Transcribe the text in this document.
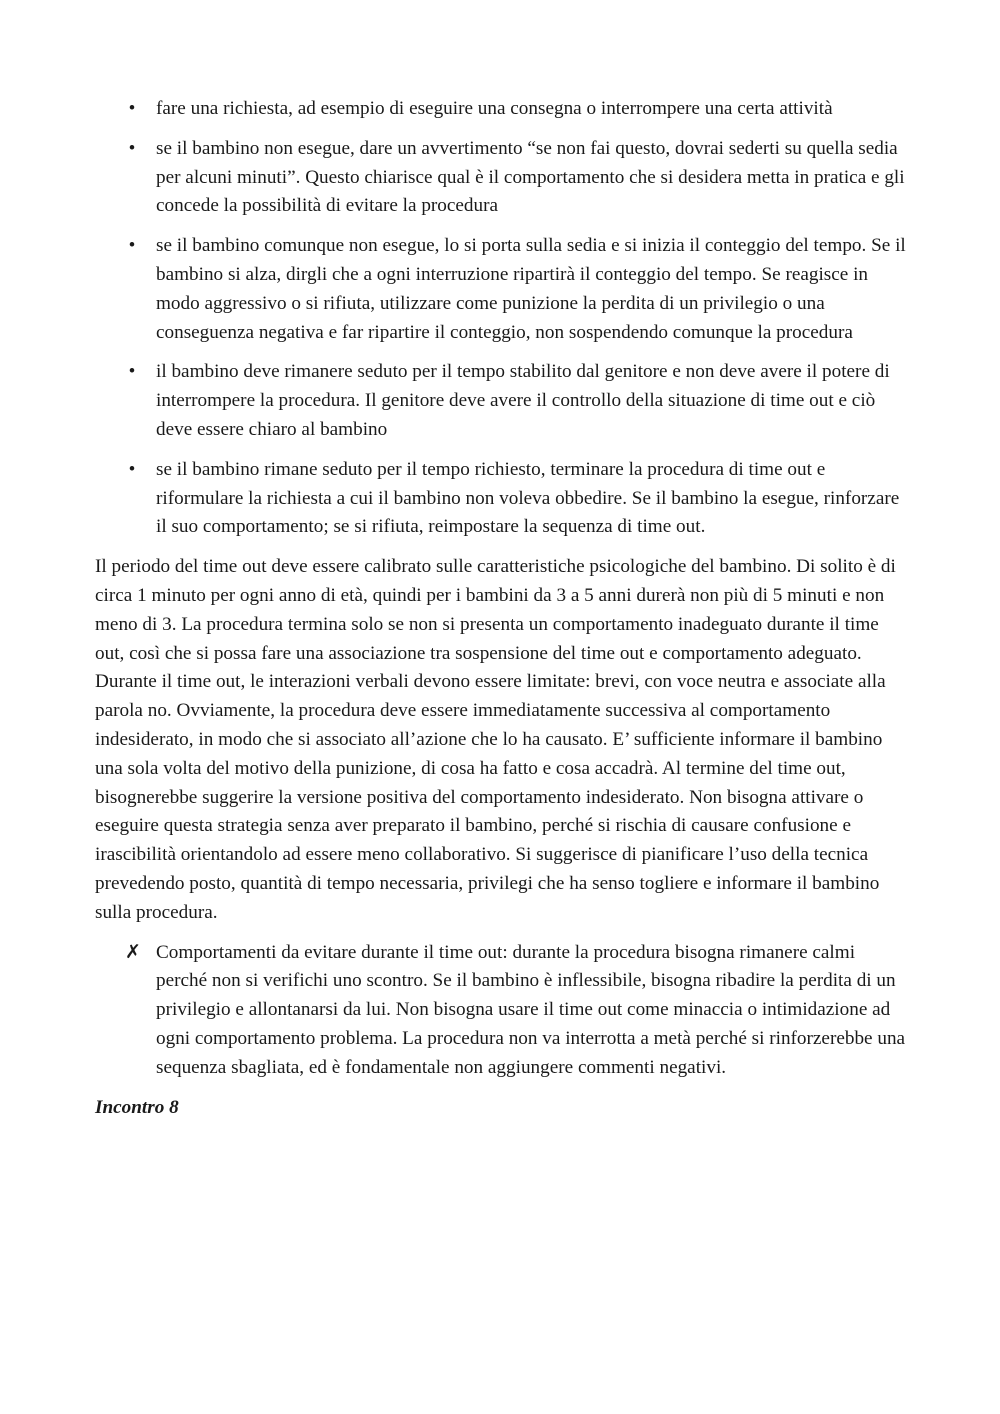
• fare una richiesta, ad esempio di eseguire una consegna o interrompere una certa attività
• se il bambino non esegue, dare un avvertimento “se non fai questo, dovrai sederti su quella sedia per alcuni minuti”. Questo chiarisce qual è il comportamento che si desidera metta in pratica e gli concede la possibilità di evitare la procedura
• se il bambino comunque non esegue, lo si porta sulla sedia e si inizia il conteggio del tempo. Se il bambino si alza, dirgli che a ogni interruzione ripartirà il conteggio del tempo. Se reagisce in modo aggressivo o si rifiuta, utilizzare come punizione la perdita di un privilegio o una conseguenza negativa e far ripartire il conteggio, non sospendendo comunque la procedura
• il bambino deve rimanere seduto per il tempo stabilito dal genitore e non deve avere il potere di interrompere la procedura. Il genitore deve avere il controllo della situazione di time out e ciò deve essere chiaro al bambino
• se il bambino rimane seduto per il tempo richiesto, terminare la procedura di time out e riformulare la richiesta a cui il bambino non voleva obbedire. Se il bambino la esegue, rinforzare il suo comportamento; se si rifiuta, reimpostare la sequenza di time out.

Il periodo del time out deve essere calibrato sulle caratteristiche psicologiche del bambino. Di solito è di circa 1 minuto per ogni anno di età, quindi per i bambini da 3 a 5 anni durerà non più di 5 minuti e non meno di 3. La procedura termina solo se non si presenta un comportamento inadeguato durante il time out, così che si possa fare una associazione tra sospensione del time out e comportamento adeguato. Durante il time out, le interazioni verbali devono essere limitate: brevi, con voce neutra e associate alla parola no. Ovviamente, la procedura deve essere immediatamente successiva al comportamento indesiderato, in modo che si associato all’azione che lo ha causato. E’ sufficiente informare il bambino una sola volta del motivo della punizione, di cosa ha fatto e cosa accadrà. Al termine del time out, bisognerebbe suggerire la versione positiva del comportamento indesiderato. Non bisogna attivare o eseguire questa strategia senza aver preparato il bambino, perché si rischia di causare confusione e irascibilità orientandolo ad essere meno collaborativo. Si suggerisce di pianificare l’uso della tecnica prevedendo posto, quantità di tempo necessaria, privilegi che ha senso togliere e informare il bambino sulla procedura.

✗ Comportamenti da evitare durante il time out: durante la procedura bisogna rimanere calmi perché non si verifichi uno scontro. Se il bambino è inflessibile, bisogna ribadire la perdita di un privilegio e allontanarsi da lui. Non bisogna usare il time out come minaccia o intimidazione ad ogni comportamento problema. La procedura non va interrotta a metà perché si rinforzerebbe una sequenza sbagliata, ed è fondamentale non aggiungere commenti negativi.

Incontro 8
